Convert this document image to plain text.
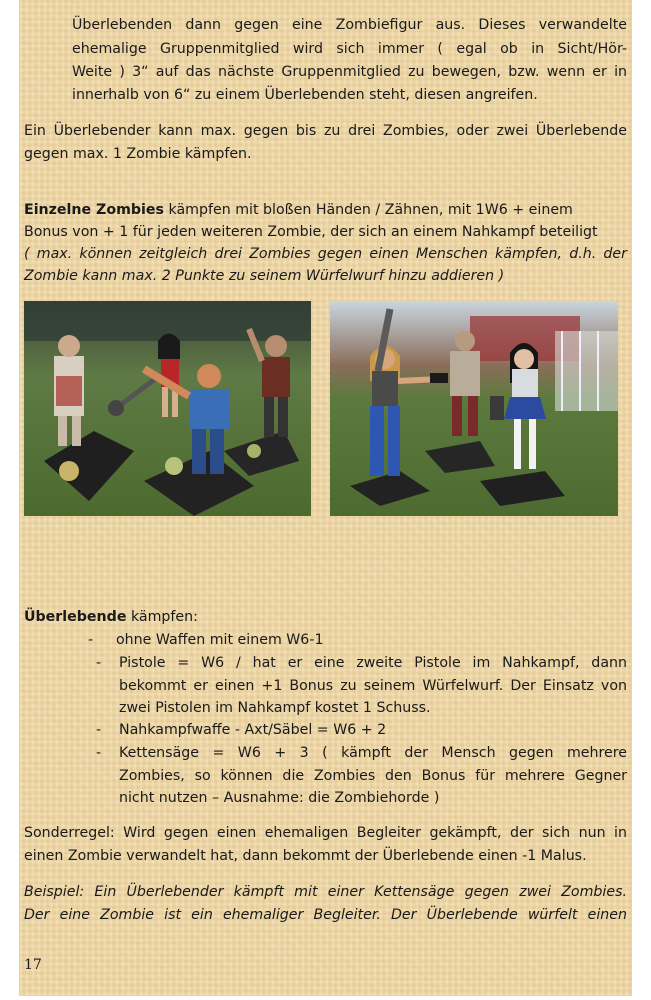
Überlebenden dann gegen eine Zombiefigur aus. Dieses verwandelte

ehemalige Gruppenmitglied wird sich immer ( egal ob in Sicht/Hör-

Weite ) 3“ auf das nächste Gruppenmitglied zu bewegen, bzw. wenn er in

innerhalb von 6“ zu einem Überlebenden steht, diesen angreifen.

Ein Überlebender kann max. gegen bis zu drei Zombies, oder zwei Überlebende

gegen max. 1 Zombie kämpfen.

Einzelne Zombies kämpfen mit bloßen Händen / Zähnen, mit 1W6 + einem

Bonus von + 1 für jeden weiteren Zombie, der sich an einem Nahkampf beteiligt

( max. können zeitgleich drei Zombies gegen einen Menschen kämpfen, d.h. der

Zombie kann max. 2 Punkte zu seinem Würfelwurf hinzu addieren )

Überlebende kämpfen:

- ohne Waffen mit einem W6-1

- Pistole = W6 / hat er eine zweite Pistole im Nahkampf, dann

bekommt er einen +1 Bonus zu seinem Würfelwurf. Der Einsatz von

zwei Pistolen im Nahkampf kostet 1 Schuss.

- Nahkampfwaffe - Axt/Säbel = W6 + 2

- Kettensäge = W6 + 3 ( kämpft der Mensch gegen mehrere

Zombies, so können die Zombies den Bonus für mehrere Gegner

nicht nutzen – Ausnahme: die Zombiehorde )

Sonderregel: Wird gegen einen ehemaligen Begleiter gekämpft, der sich nun in

einen Zombie verwandelt hat, dann bekommt der Überlebende einen -1 Malus.

Beispiel: Ein Überlebender kämpft mit einer Kettensäge gegen zwei Zombies.

Der eine Zombie ist ein ehemaliger Begleiter. Der Überlebende würfelt einen

17
